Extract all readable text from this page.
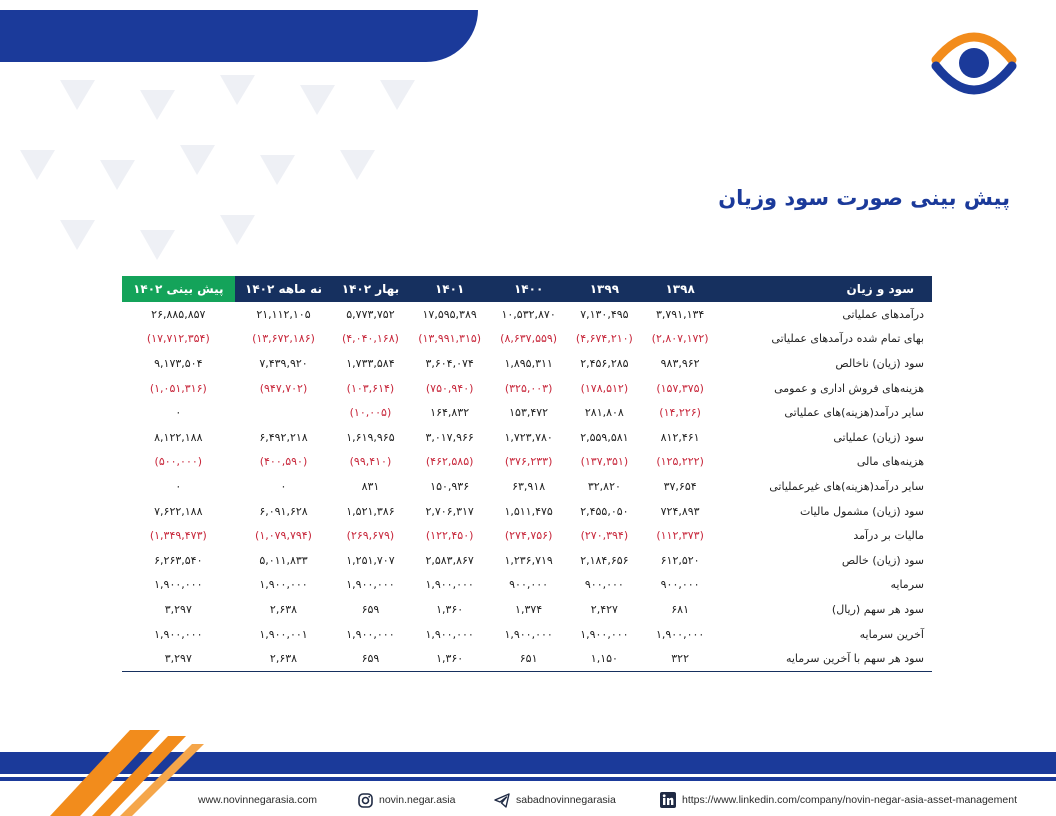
پیش بینی صورت سود وزیان
سود و زیان	۱۳۹۸	۱۳۹۹	۱۴۰۰	۱۴۰۱	بهار ۱۴۰۲	نه ماهه ۱۴۰۲	پیش بینی ۱۴۰۲
درآمدهای عملیاتی	۳,۷۹۱,۱۳۴	۷,۱۳۰,۴۹۵	۱۰,۵۳۲,۸۷۰	۱۷,۵۹۵,۳۸۹	۵,۷۷۳,۷۵۲	۲۱,۱۱۲,۱۰۵	۲۶,۸۸۵,۸۵۷
بهای تمام شده درآمدهای عملیاتی	(۲,۸۰۷,۱۷۲)	(۴,۶۷۴,۲۱۰)	(۸,۶۳۷,۵۵۹)	(۱۳,۹۹۱,۳۱۵)	(۴,۰۴۰,۱۶۸)	(۱۳,۶۷۲,۱۸۶)	(۱۷,۷۱۲,۳۵۴)
سود (زیان) ناخالص	۹۸۳,۹۶۲	۲,۴۵۶,۲۸۵	۱,۸۹۵,۳۱۱	۳,۶۰۴,۰۷۴	۱,۷۳۳,۵۸۴	۷,۴۳۹,۹۲۰	۹,۱۷۳,۵۰۴
هزینه‌های فروش اداری و عمومی	(۱۵۷,۳۷۵)	(۱۷۸,۵۱۲)	(۳۲۵,۰۰۳)	(۷۵۰,۹۴۰)	(۱۰۳,۶۱۴)	(۹۴۷,۷۰۲)	(۱,۰۵۱,۳۱۶)
سایر درآمد(هزینه)های عملیاتی	(۱۴,۲۲۶)	۲۸۱,۸۰۸	۱۵۳,۴۷۲	۱۶۴,۸۳۲	(۱۰,۰۰۵)		۰
سود (زیان) عملیاتی	۸۱۲,۴۶۱	۲,۵۵۹,۵۸۱	۱,۷۲۳,۷۸۰	۳,۰۱۷,۹۶۶	۱,۶۱۹,۹۶۵	۶,۴۹۲,۲۱۸	۸,۱۲۲,۱۸۸
هزینه‌های مالی	(۱۲۵,۲۲۲)	(۱۳۷,۳۵۱)	(۳۷۶,۲۳۳)	(۴۶۲,۵۸۵)	(۹۹,۴۱۰)	(۴۰۰,۵۹۰)	(۵۰۰,۰۰۰)
سایر درآمد(هزینه)های غیرعملیاتی	۳۷,۶۵۴	۳۲,۸۲۰	۶۳,۹۱۸	۱۵۰,۹۳۶	۸۳۱	۰	۰
سود (زیان) مشمول مالیات	۷۲۴,۸۹۳	۲,۴۵۵,۰۵۰	۱,۵۱۱,۴۷۵	۲,۷۰۶,۳۱۷	۱,۵۲۱,۳۸۶	۶,۰۹۱,۶۲۸	۷,۶۲۲,۱۸۸
مالیات بر درآمد	(۱۱۲,۳۷۳)	(۲۷۰,۳۹۴)	(۲۷۴,۷۵۶)	(۱۲۲,۴۵۰)	(۲۶۹,۶۷۹)	(۱,۰۷۹,۷۹۴)	(۱,۳۴۹,۴۷۳)
سود (زیان) خالص	۶۱۲,۵۲۰	۲,۱۸۴,۶۵۶	۱,۲۳۶,۷۱۹	۲,۵۸۳,۸۶۷	۱,۲۵۱,۷۰۷	۵,۰۱۱,۸۳۳	۶,۲۶۳,۵۴۰
سرمایه	۹۰۰,۰۰۰	۹۰۰,۰۰۰	۹۰۰,۰۰۰	۱,۹۰۰,۰۰۰	۱,۹۰۰,۰۰۰	۱,۹۰۰,۰۰۰	۱,۹۰۰,۰۰۰
سود هر سهم (ریال)	۶۸۱	۲,۴۲۷	۱,۳۷۴	۱,۳۶۰	۶۵۹	۲,۶۳۸	۳,۲۹۷
آخرین سرمایه	۱,۹۰۰,۰۰۰	۱,۹۰۰,۰۰۰	۱,۹۰۰,۰۰۰	۱,۹۰۰,۰۰۰	۱,۹۰۰,۰۰۰	۱,۹۰۰,۰۰۱	۱,۹۰۰,۰۰۰
سود هر سهم با آخرین سرمایه	۳۲۲	۱,۱۵۰	۶۵۱	۱,۳۶۰	۶۵۹	۲,۶۳۸	۳,۲۹۷
www.novinnegarasia.com	novin.negar.asia	sabadnovinnegarasia	https://www.linkedin.com/company/novin-negar-asia-asset-management
